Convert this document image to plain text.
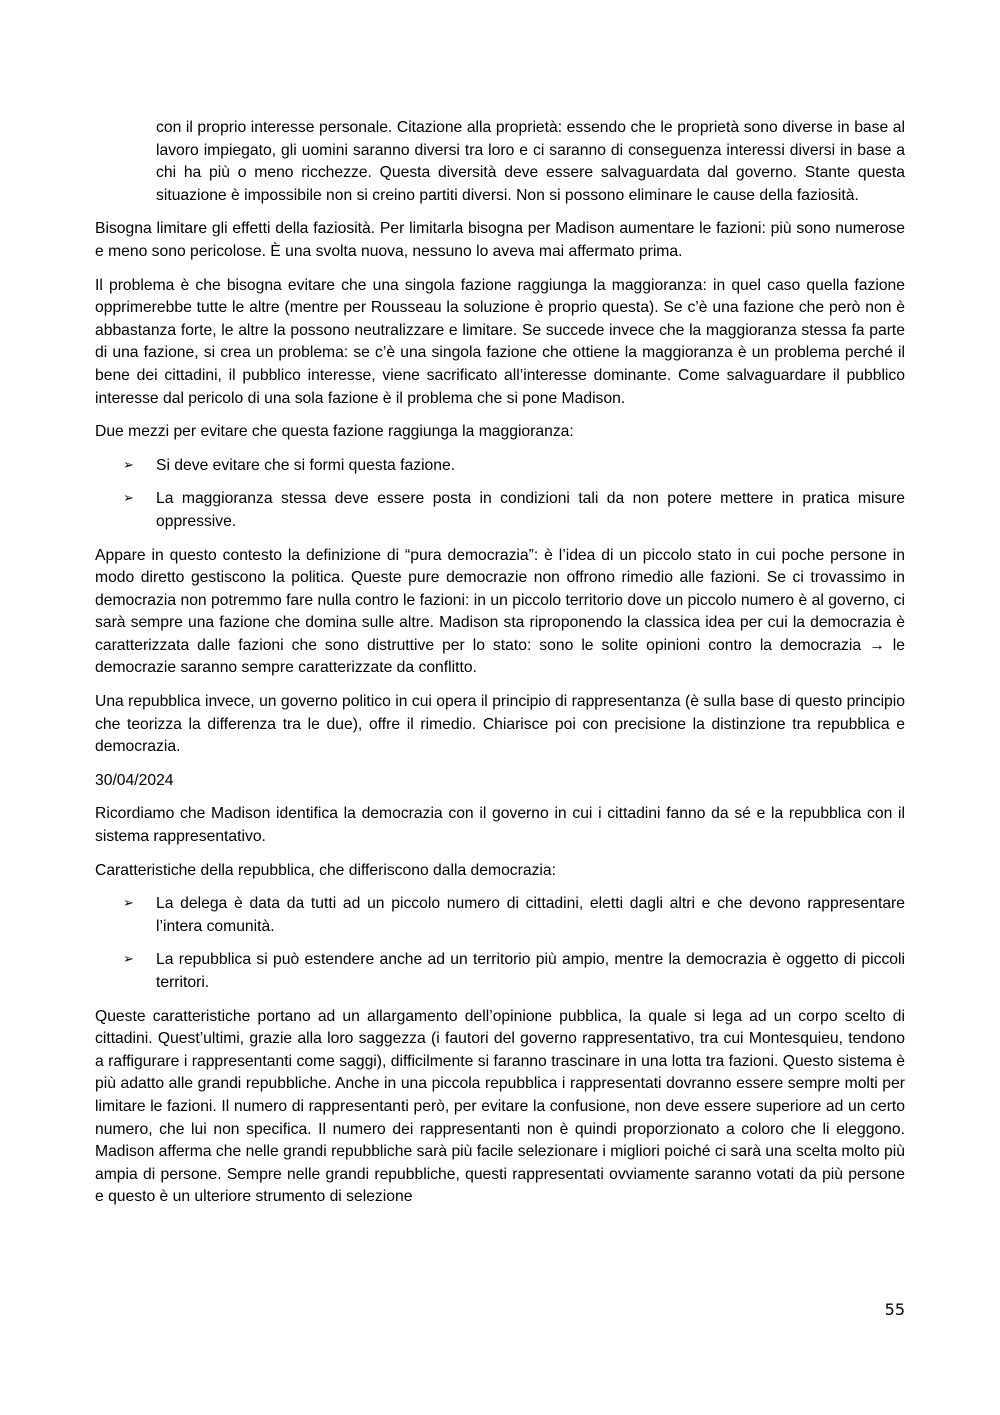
con il proprio interesse personale. Citazione alla proprietà: essendo che le proprietà sono diverse in base al lavoro impiegato, gli uomini saranno diversi tra loro e ci saranno di conseguenza interessi diversi in base a chi ha più o meno ricchezze. Questa diversità deve essere salvaguardata dal governo. Stante questa situazione è impossibile non si creino partiti diversi. Non si possono eliminare le cause della faziosità.

Bisogna limitare gli effetti della faziosità. Per limitarla bisogna per Madison aumentare le fazioni: più sono numerose e meno sono pericolose. È una svolta nuova, nessuno lo aveva mai affermato prima.

Il problema è che bisogna evitare che una singola fazione raggiunga la maggioranza: in quel caso quella fazione opprimerebbe tutte le altre (mentre per Rousseau la soluzione è proprio questa). Se c’è una fazione che però non è abbastanza forte, le altre la possono neutralizzare e limitare. Se succede invece che la maggioranza stessa fa parte di una fazione, si crea un problema: se c’è una singola fazione che ottiene la maggioranza è un problema perché il bene dei cittadini, il pubblico interesse, viene sacrificato all’interesse dominante. Come salvaguardare il pubblico interesse dal pericolo di una sola fazione è il problema che si pone Madison.

Due mezzi per evitare che questa fazione raggiunga la maggioranza:

➢ Si deve evitare che si formi questa fazione.
➢ La maggioranza stessa deve essere posta in condizioni tali da non potere mettere in pratica misure oppressive.

Appare in questo contesto la definizione di “pura democrazia”: è l’idea di un piccolo stato in cui poche persone in modo diretto gestiscono la politica. Queste pure democrazie non offrono rimedio alle fazioni. Se ci trovassimo in democrazia non potremmo fare nulla contro le fazioni: in un piccolo territorio dove un piccolo numero è al governo, ci sarà sempre una fazione che domina sulle altre. Madison sta riproponendo la classica idea per cui la democrazia è caratterizzata dalle fazioni che sono distruttive per lo stato: sono le solite opinioni contro la democrazia → le democrazie saranno sempre caratterizzate da conflitto.

Una repubblica invece, un governo politico in cui opera il principio di rappresentanza (è sulla base di questo principio che teorizza la differenza tra le due), offre il rimedio. Chiarisce poi con precisione la distinzione tra repubblica e democrazia.

30/04/2024

Ricordiamo che Madison identifica la democrazia con il governo in cui i cittadini fanno da sé e la repubblica con il sistema rappresentativo.

Caratteristiche della repubblica, che differiscono dalla democrazia:

➢ La delega è data da tutti ad un piccolo numero di cittadini, eletti dagli altri e che devono rappresentare l’intera comunità.
➢ La repubblica si può estendere anche ad un territorio più ampio, mentre la democrazia è oggetto di piccoli territori.

Queste caratteristiche portano ad un allargamento dell’opinione pubblica, la quale si lega ad un corpo scelto di cittadini. Quest’ultimi, grazie alla loro saggezza (i fautori del governo rappresentativo, tra cui Montesquieu, tendono a raffigurare i rappresentanti come saggi), difficilmente si faranno trascinare in una lotta tra fazioni. Questo sistema è più adatto alle grandi repubbliche. Anche in una piccola repubblica i rappresentati dovranno essere sempre molti per limitare le fazioni. Il numero di rappresentanti però, per evitare la confusione, non deve essere superiore ad un certo numero, che lui non specifica. Il numero dei rappresentanti non è quindi proporzionato a coloro che li eleggono. Madison afferma che nelle grandi repubbliche sarà più facile selezionare i migliori poiché ci sarà una scelta molto più ampia di persone. Sempre nelle grandi repubbliche, questi rappresentati ovviamente saranno votati da più persone e questo è un ulteriore strumento di selezione

55
